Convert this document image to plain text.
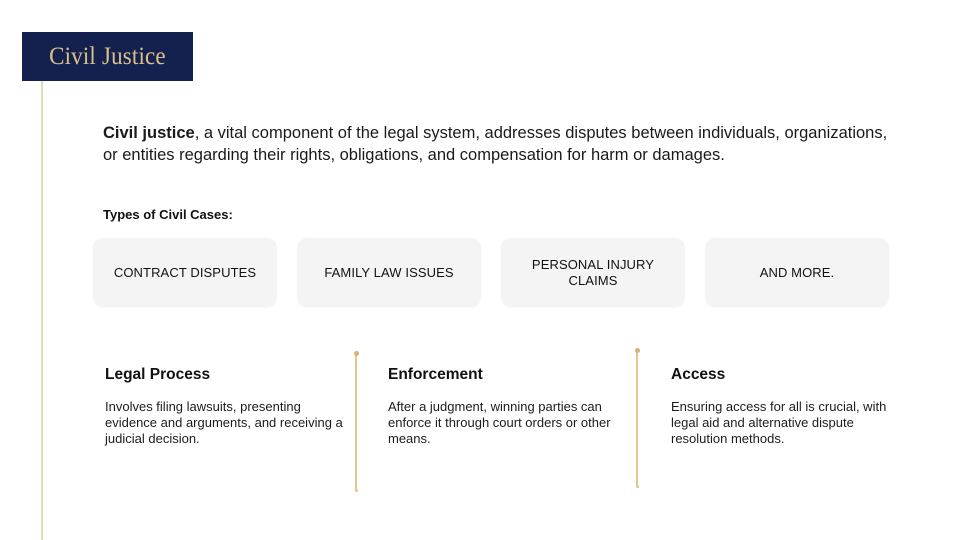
Civil Justice

Civil justice, a vital component of the legal system, addresses disputes between individuals, organizations, or entities regarding their rights, obligations, and compensation for harm or damages.

Types of Civil Cases:
CONTRACT DISPUTES	FAMILY LAW ISSUES
PERSONAL INJURY CLAIMS
AND MORE.
Legal Process
Involves filing lawsuits, presenting evidence and arguments, and receiving a judicial decision.
Enforcement
After a judgment, winning parties can enforce it through court orders or other means.
Access
Ensuring access for all is crucial, with legal aid and alternative dispute resolution methods.
